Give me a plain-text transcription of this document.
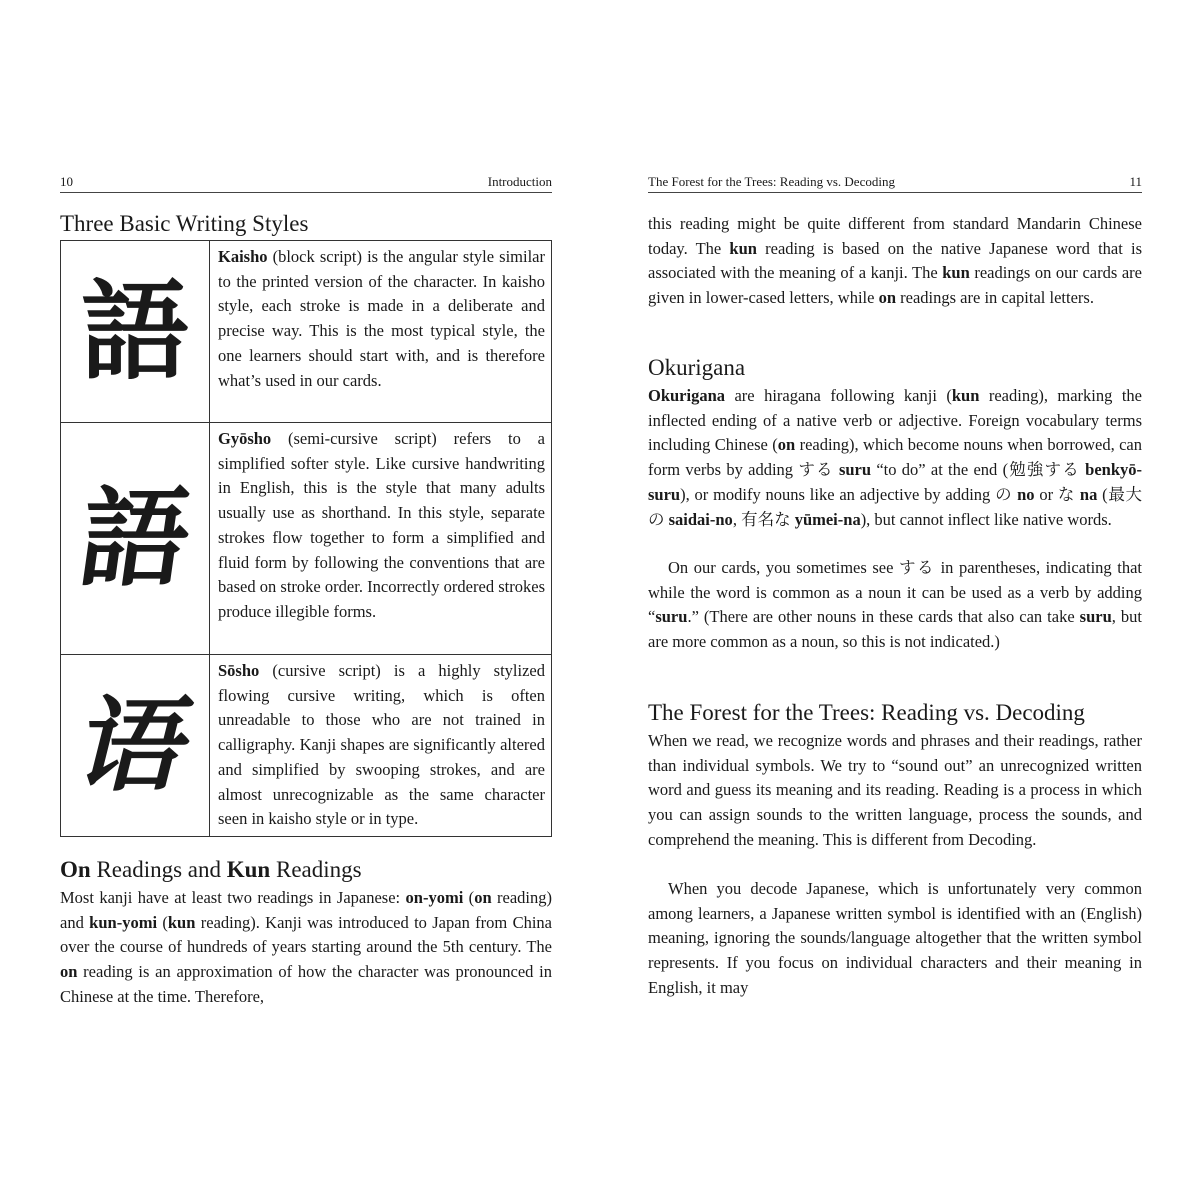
10	Introduction
Three Basic Writing Styles
語	Kaisho (block script) is the angular style similar to the printed version of the character. In kaisho style, each stroke is made in a deliberate and precise way. This is the most typical style, the one learners should start with, and is therefore what’s used in our cards.
語	Gyōsho (semi-cursive script) refers to a simplified softer style. Like cursive handwriting in English, this is the style that many adults usually use as shorthand. In this style, separate strokes flow together to form a simplified and fluid form by following the conventions that are based on stroke order. Incorrectly ordered strokes produce illegible forms.
语	Sōsho (cursive script) is a highly stylized flowing cursive writing, which is often unreadable to those who are not trained in calligraphy. Kanji shapes are significantly altered and simplified by swooping strokes, and are almost unrecognizable as the same character seen in kaisho style or in type.
On Readings and Kun Readings

Most kanji have at least two readings in Japanese: on-yomi (on reading) and kun-yomi (kun reading). Kanji was introduced to Japan from China over the course of hundreds of years starting around the 5th century. The on reading is an approximation of how the character was pronounced in Chinese at the time. Therefore,

The Forest for the Trees: Reading vs. Decoding	11

this reading might be quite different from standard Mandarin Chinese today. The kun reading is based on the native Japanese word that is associated with the meaning of a kanji. The kun readings on our cards are given in lower-cased letters, while on readings are in capital letters.

Okurigana

Okurigana are hiragana following kanji (kun reading), marking the inflected ending of a native verb or adjective. Foreign vocabulary terms including Chinese (on reading), which become nouns when borrowed, can form verbs by adding する suru “to do” at the end (勉強する benkyō-suru), or modify nouns like an adjective by adding の no or な na (最大の saidai-no, 有名な yūmei-na), but cannot inflect like native words.

On our cards, you sometimes see する in parentheses, indicating that while the word is common as a noun it can be used as a verb by adding “suru.” (There are other nouns in these cards that also can take suru, but are more common as a noun, so this is not indicated.)

The Forest for the Trees: Reading vs. Decoding

When we read, we recognize words and phrases and their readings, rather than individual symbols. We try to “sound out” an unrecognized written word and guess its meaning and its reading. Reading is a process in which you can assign sounds to the written language, process the sounds, and comprehend the meaning. This is different from Decoding.

When you decode Japanese, which is unfortunately very common among learners, a Japanese written symbol is identified with an (English) meaning, ignoring the sounds/language altogether that the written symbol represents. If you focus on individual characters and their meaning in English, it may
